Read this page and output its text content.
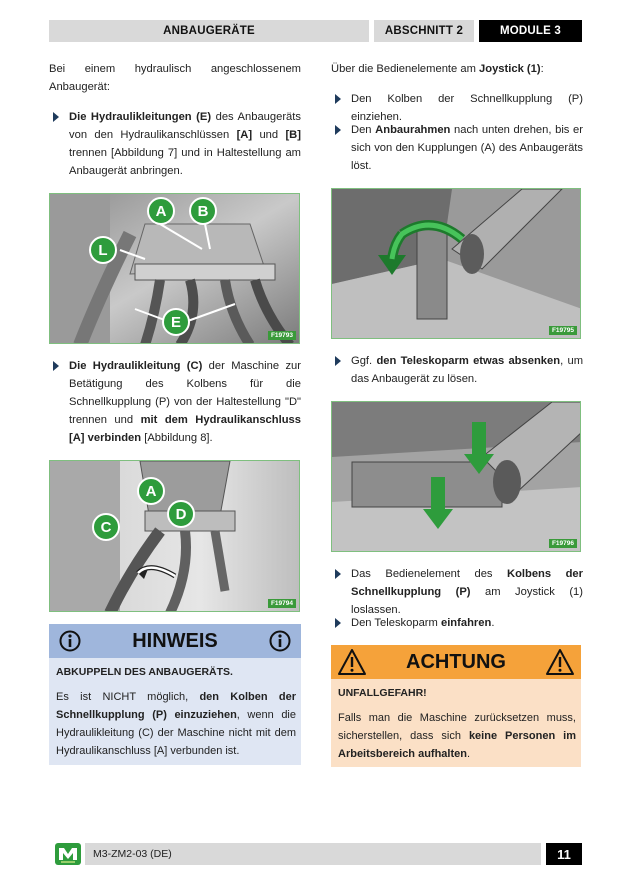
ANBAUGERÄTE	ABSCHNITT 2	MODULE 3
Bei einem hydraulisch angeschlossenem Anbaugerät:
Die Hydraulikleitungen (E) des Anbaugeräts von den Hydraulikanschlüssen [A] und [B] trennen [Abbildung 7] und in Haltestellung am Anbaugerät anbringen.
A B
L
E
F19793
Die Hydraulikleitung (C) der Maschine zur Betätigung des Kolbens für die Schnellkupplung (P) von der Haltestellung "D" trennen und mit dem Hydraulikanschluss [A] verbinden [Abbildung 8].
A
C
D
F19794
HINWEIS
ABKUPPELN DES ANBAUGERÄTS.
Es ist NICHT möglich, den Kolben der Schnellkupplung (P) einzuziehen, wenn die Hydraulikleitung (C) der Maschine nicht mit dem Hydraulikanschluss [A] verbunden ist.
Über die Bedienelemente am Joystick (1):
Den Kolben der Schnellkupplung (P) einziehen.
Den Anbaurahmen nach unten drehen, bis er sich von den Kupplungen (A) des Anbaugeräts löst.
F19795
Ggf. den Teleskoparm etwas absenken, um das Anbaugerät zu lösen.
F19796
Das Bedienelement des Kolbens der Schnellkupplung (P) am Joystick (1) loslassen.
Den Teleskoparm einfahren.
ACHTUNG
UNFALLGEFAHR!
Falls man die Maschine zurücksetzen muss, sicherstellen, dass sich keine Personen im Arbeitsbereich aufhalten.
M3-ZM2-03 (DE)	11
